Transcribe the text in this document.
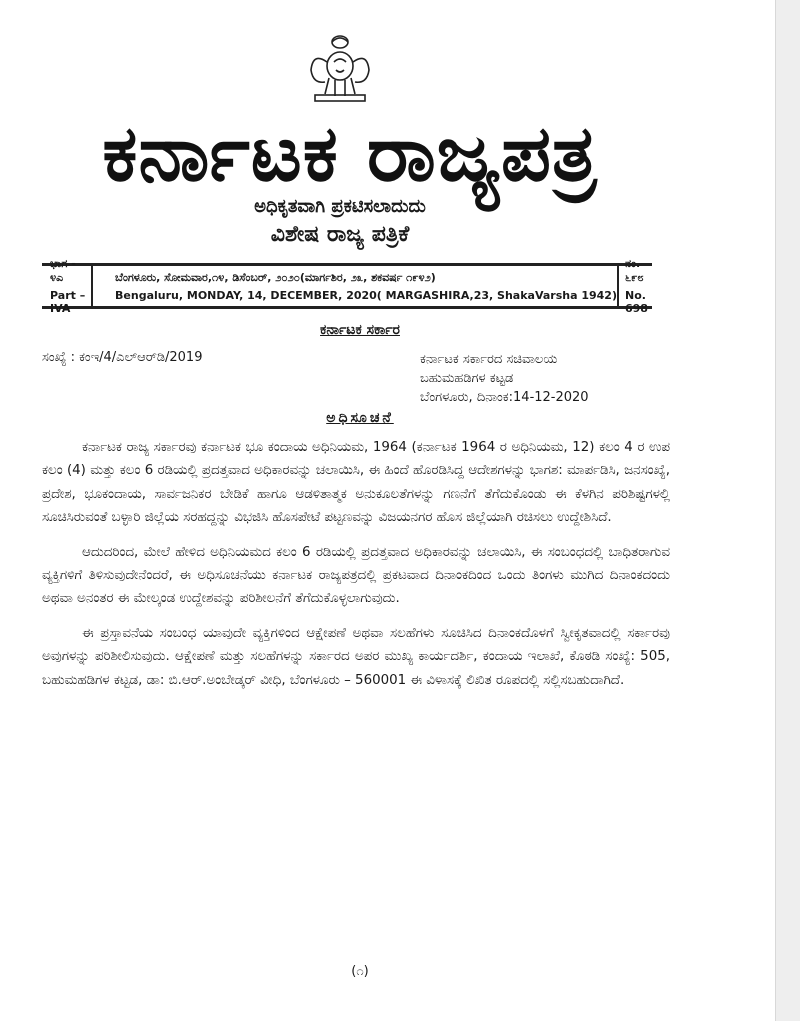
ಕರ್ನಾಟಕ ರಾಜ್ಯಪತ್ರ
ಅಧಿಕೃತವಾಗಿ ಪ್ರಕಟಿಸಲಾದುದು
ವಿಶೇಷ ರಾಜ್ಯ ಪತ್ರಿಕೆ
ಭಾಗ - ೪ಎ
Part – IVA
ಬೆಂಗಳೂರು, ಸೋಮವಾರ,೧೪, ಡಿಸೆಂಬರ್, ೨೦೨೦(ಮಾರ್ಗಶಿರ, ೨೩, ಶಕವರ್ಷ ೧೯೪೨)
Bengaluru, MONDAY, 14, DECEMBER, 2020( MARGASHIRA,23, ShakaVarsha 1942)
ನಂ. ೬೯೮
No. 698
ಕರ್ನಾಟಕ ಸರ್ಕಾರ
ಸಂಖ್ಯೆ : ಕಂಇ/4/ಎಲ್‌ಆರ್‌ಡಿ/2019	ಕರ್ನಾಟಕ ಸರ್ಕಾರದ ಸಚಿವಾಲಯ
ಬಹುಮಹಡಿಗಳ ಕಟ್ಟಡ
ಬೆಂಗಳೂರು, ದಿನಾಂಕ:14-12-2020
ಅಧಿಸೂಚನೆ

ಕರ್ನಾಟಕ ರಾಜ್ಯ ಸರ್ಕಾರವು ಕರ್ನಾಟಕ ಭೂ ಕಂದಾಯ ಅಧಿನಿಯಮ, 1964 (ಕರ್ನಾಟಕ 1964 ರ ಅಧಿನಿಯಮ, 12) ಕಲಂ 4 ರ ಉಪ ಕಲಂ (4) ಮತ್ತು ಕಲಂ 6 ರಡಿಯಲ್ಲಿ ಪ್ರದತ್ತವಾದ ಅಧಿಕಾರವನ್ನು ಚಲಾಯಿಸಿ, ಈ ಹಿಂದೆ ಹೊರಡಿಸಿದ್ದ ಆದೇಶಗಳನ್ನು ಭಾಗಶ: ಮಾರ್ಪಡಿಸಿ, ಜನಸಂಖ್ಯೆ, ಪ್ರದೇಶ, ಭೂಕಂದಾಯ, ಸಾರ್ವಜನಿಕರ ಬೇಡಿಕೆ ಹಾಗೂ ಆಡಳಿತಾತ್ಮಕ ಅನುಕೂಲತೆಗಳನ್ನು ಗಣನೆಗೆ ತೆಗೆದುಕೊಂಡು ಈ ಕೆಳಗಿನ ಪರಿಶಿಷ್ಟಗಳಲ್ಲಿ ಸೂಚಿಸಿರುವಂತೆ ಬಳ್ಳಾರಿ ಜಿಲ್ಲೆಯ ಸರಹದ್ದನ್ನು ವಿಭಜಿಸಿ ಹೊಸಪೇಟೆ ಪಟ್ಟಣವನ್ನು ವಿಜಯನಗರ ಹೊಸ ಜಿಲ್ಲೆಯಾಗಿ ರಚಿಸಲು ಉದ್ದೇಶಿಸಿದೆ.

ಆದುದರಿಂದ, ಮೇಲೆ ಹೇಳಿದ ಅಧಿನಿಯಮದ ಕಲಂ 6 ರಡಿಯಲ್ಲಿ ಪ್ರದತ್ತವಾದ ಅಧಿಕಾರವನ್ನು ಚಲಾಯಿಸಿ, ಈ ಸಂಬಂಧದಲ್ಲಿ ಬಾಧಿತರಾಗುವ ವ್ಯಕ್ತಿಗಳಿಗೆ ತಿಳಿಸುವುದೇನೆಂದರೆ, ಈ ಅಧಿಸೂಚನೆಯು ಕರ್ನಾಟಕ ರಾಜ್ಯಪತ್ರದಲ್ಲಿ ಪ್ರಕಟವಾದ ದಿನಾಂಕದಿಂದ ಒಂದು ತಿಂಗಳು ಮುಗಿದ ದಿನಾಂಕದಂದು ಅಥವಾ ಅನಂತರ ಈ ಮೇಲ್ಕಂಡ ಉದ್ದೇಶವನ್ನು ಪರಿಶೀಲನೆಗೆ ತೆಗೆದುಕೊಳ್ಳಲಾಗುವುದು.

ಈ ಪ್ರಸ್ತಾವನೆಯ ಸಂಬಂಧ ಯಾವುದೇ ವ್ಯಕ್ತಿಗಳಿಂದ ಆಕ್ಷೇಪಣೆ ಅಥವಾ ಸಲಹೆಗಳು ಸೂಚಿಸಿದ ದಿನಾಂಕದೊಳಗೆ ಸ್ವೀಕೃತವಾದಲ್ಲಿ ಸರ್ಕಾರವು ಅವುಗಳನ್ನು ಪರಿಶೀಲಿಸುವುದು. ಆಕ್ಷೇಪಣೆ ಮತ್ತು ಸಲಹೆಗಳನ್ನು ಸರ್ಕಾರದ ಅಪರ ಮುಖ್ಯ ಕಾರ್ಯದರ್ಶಿ, ಕಂದಾಯ ಇಲಾಖೆ, ಕೊಠಡಿ ಸಂಖ್ಯೆ: 505, ಬಹುಮಹಡಿಗಳ ಕಟ್ಟಡ, ಡಾ: ಬಿ.ಆರ್.ಅಂಬೇಡ್ಕರ್ ವೀಧಿ, ಬೆಂಗಳೂರು – 560001 ಈ ವಿಳಾಸಕ್ಕೆ ಲಿಖಿತ ರೂಪದಲ್ಲಿ ಸಲ್ಲಿಸಬಹುದಾಗಿದೆ.

(೧)
